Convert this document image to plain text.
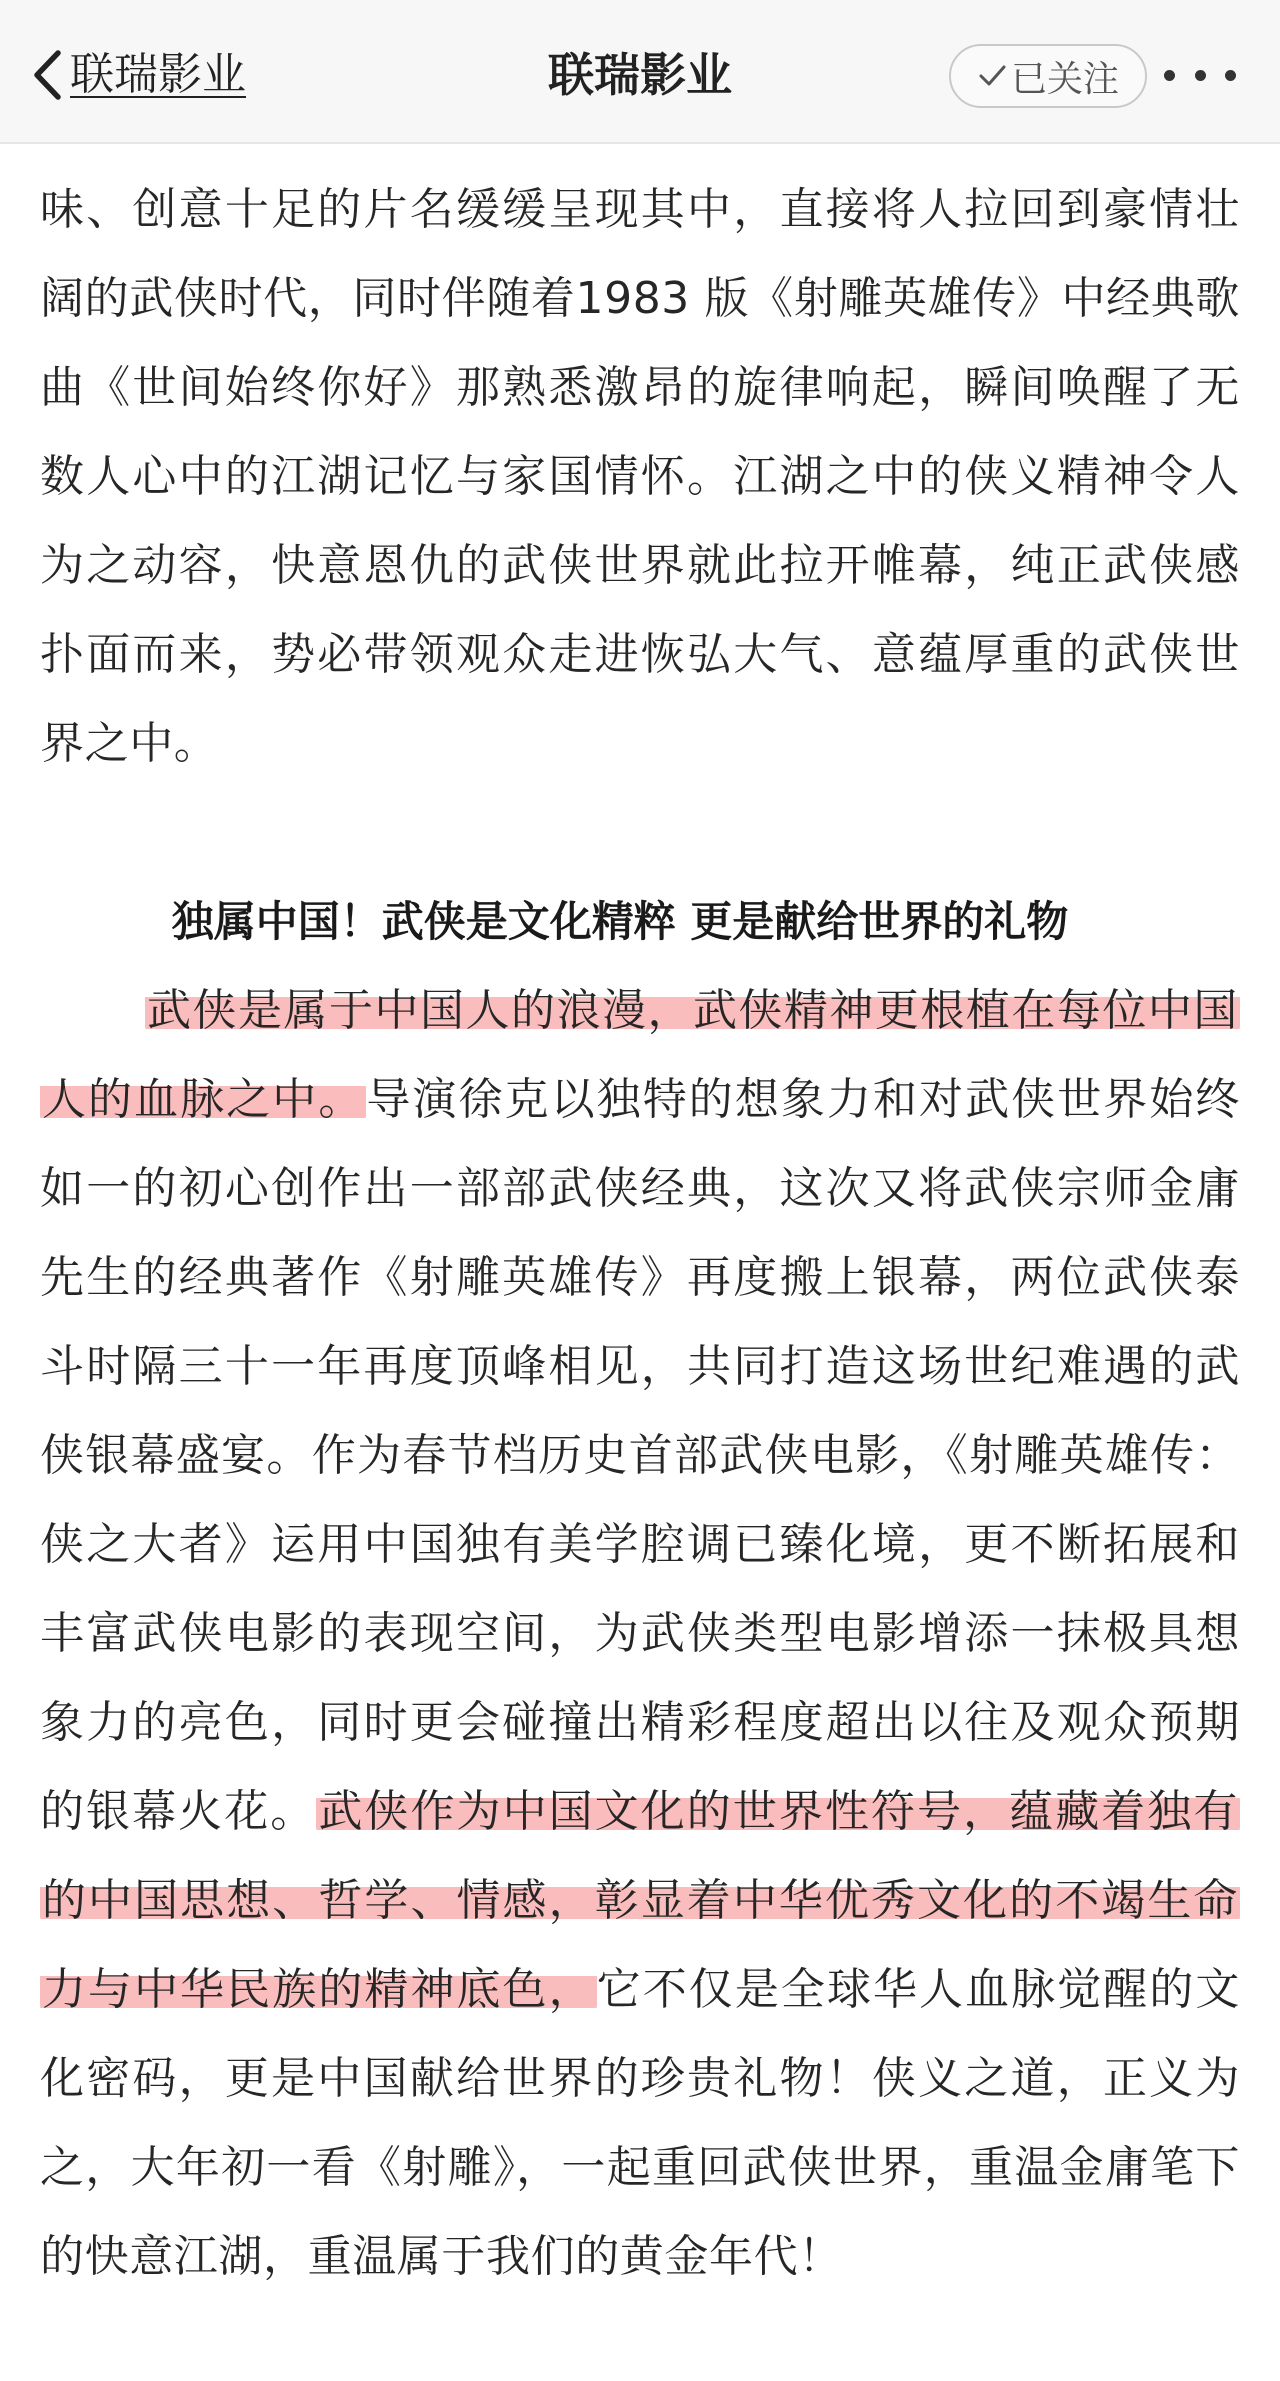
联瑞影业	联瑞影业	已关注

味、创意十足的片名缓缓呈现其中，直接将人拉回到豪情壮阔的武侠时代，同时伴随着1983 版《射雕英雄传》中经典歌曲《世间始终你好》那熟悉激昂的旋律响起，瞬间唤醒了无数人心中的江湖记忆与家国情怀。江湖之中的侠义精神令人为之动容，快意恩仇的武侠世界就此拉开帷幕，纯正武侠感扑面而来，势必带领观众走进恢弘大气、意蕴厚重的武侠世界之中。

独属中国！武侠是文化精粹 更是献给世界的礼物

武侠是属于中国人的浪漫，武侠精神更根植在每位中国人的血脉之中。导演徐克以独特的想象力和对武侠世界始终如一的初心创作出一部部武侠经典，这次又将武侠宗师金庸先生的经典著作《射雕英雄传》再度搬上银幕，两位武侠泰斗时隔三十一年再度顶峰相见，共同打造这场世纪难遇的武侠银幕盛宴。作为春节档历史首部武侠电影，《射雕英雄传：侠之大者》运用中国独有美学腔调已臻化境，更不断拓展和丰富武侠电影的表现空间，为武侠类型电影增添一抹极具想象力的亮色，同时更会碰撞出精彩程度超出以往及观众预期的银幕火花。武侠作为中国文化的世界性符号，蕴藏着独有的中国思想、哲学、情感，彰显着中华优秀文化的不竭生命力与中华民族的精神底色，它不仅是全球华人血脉觉醒的文化密码，更是中国献给世界的珍贵礼物！侠义之道，正义为之，大年初一看《射雕》，一起重回武侠世界，重温金庸笔下的快意江湖，重温属于我们的黄金年代！
